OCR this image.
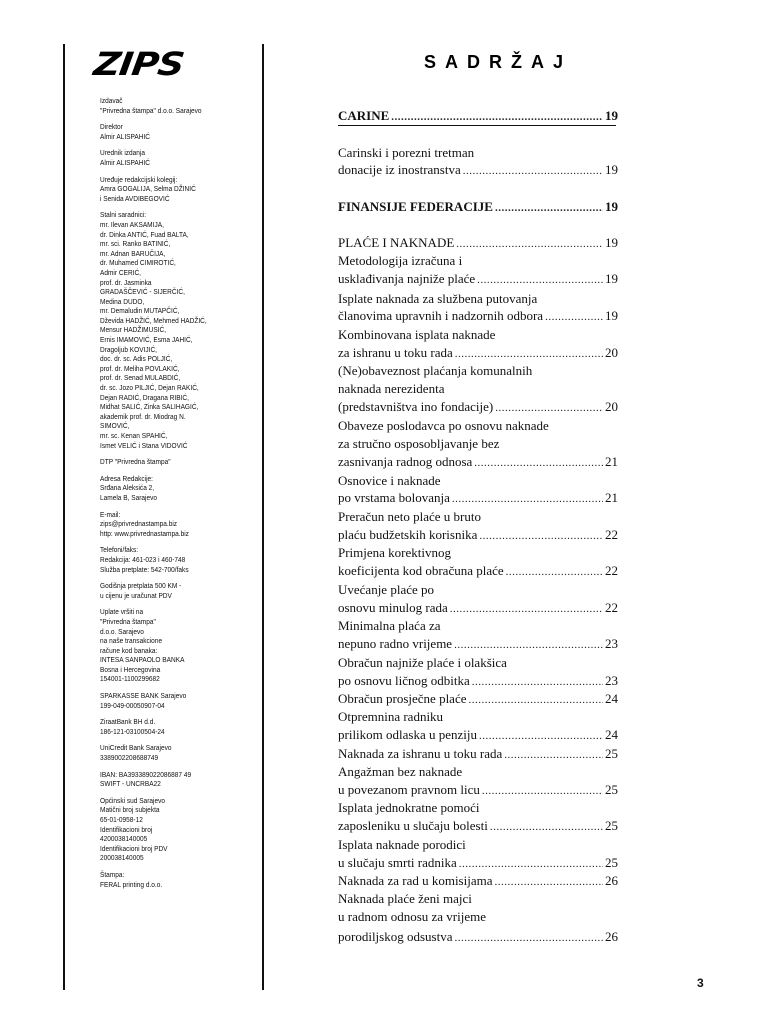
ZIPS
Izdavač
"Privredna štampa" d.o.o. Sarajevo
Direktor
Almir ALISPAHIĆ
Urednik izdanja
Almir ALISPAHIĆ
Uređuje redakcijski kolegij:
Amra GOGALIJA, Selma DŽINIĆ
i Senida AVDIBEGOVIĆ
Stalni saradnici:
mr. Ilevan AKSAMIJA,
dr. Dinka ANTIĆ, Fuad BALTA,
mr. sci. Ranko BATINIĆ,
mr. Adnan BARUČIJA,
dr. Muhamed CIMIROTIĆ,
Admir CERIĆ,
prof. dr. Jasminka
GRADAŠČEVIĆ - SIJERČIĆ,
Medina DUDO,
mr. Demaludin MUTAPČIĆ,
Dževida HADŽIĆ, Mehmed HADŽIĆ,
Mensur HADŽIMUSIĆ,
Ernis IMAMOVIĆ, Esma JAHIĆ,
Dragoljub KOVIJIĆ,
doc. dr. sc. Adis POLJIĆ,
prof. dr. Meliha POVLAKIĆ,
prof. dr. Senad MULABDIĆ,
dr. sc. Jozo PILJIĆ, Dejan RAKIĆ,
Dejan RADIĆ, Dragana RIBIĆ,
Midhat SALIĆ, Zinka SALIHAGIĆ,
akademik prof. dr. Miodrag N.
SIMOVIĆ,
mr. sc. Kenan SPAHIĆ,
Ismet VELIĆ i Stana VIDOVIĆ
DTP "Privredna štampa"
Adresa Redakcije:
Srđana Aleksića 2,
Lamela B, Sarajevo
E-mail:
zips@privrednastampa.biz
http: www.privrednastampa.biz
Telefoni/faks:
Redakcija: 461-023 i 460-748
Služba pretplate: 542-700/faks
Godišnja pretplata 500 KM -
u cijenu je uračunat PDV
Uplate vršiti na
"Privredna štampa"
d.o.o. Sarajevo
na naše transakcione
račune kod banaka:
INTESA SANPAOLO BANKA
Bosna i Hercegovina
154001-1100299682
SPARKASSE BANK Sarajevo
199-049-00050907-04
ZiraatBank BH d.d.
186-121-03100504-24
UniCredit Bank Sarajevo
3389002208688749
IBAN: BA393389022086887 49
SWIFT - UNCRBA22
Općinski sud Sarajevo
Matični broj subjekta
65-01-0958-12
Identifikacioni broj
4200038140005
Identifikacioni broj PDV
200038140005
Štampa:
FERAL printing d.o.o.
SADRŽAJ
CARINE .....	19
Carinski i porezni tretman
donacije iz inostranstva .....	19
FINANSIJE FEDERACIJE .....	19
PLAĆE I NAKNADE .....	19
Metodologija izračuna i
usklađivanja najniže plaće .....	19
Isplate naknada za službena putovanja
članovima upravnih i nadzornih odbora .....	19
Kombinovana isplata naknade
za ishranu u toku rada .....	20
(Ne)obaveznost plaćanja komunalnih
naknada nerezidenta
(predstavništva ino fondacije) .....	20
Obaveze poslodavca po osnovu naknade
za stručno osposobljavanje bez
zasnivanja radnog odnosa .....	21
Osnovice i naknade
po vrstama bolovanja .....	21
Preračun neto plaće u bruto
plaću budžetskih korisnika .....	22
Primjena korektivnog
koeficijenta kod obračuna plaće .....	22
Uvećanje plaće po
osnovu minulog rada .....	22
Minimalna plaća za
nepuno radno vrijeme .....	23
Obračun najniže plaće i olakšica
po osnovu ličnog odbitka .....	23
Obračun prosječne plaće .....	24
Otpremnina radniku
prilikom odlaska u penziju .....	24
Naknada za ishranu u toku rada .....	25
Angažman bez naknade
u povezanom pravnom licu .....	25
Isplata jednokratne pomoći
zaposleniku u slučaju bolesti .....	25
Isplata naknade porodici
u slučaju smrti radnika .....	25
Naknada za rad u komisijama .....	26
Naknada plaće ženi majci
u radnom odnosu za vrijeme
porodiljskog odsustva .....	26
3
